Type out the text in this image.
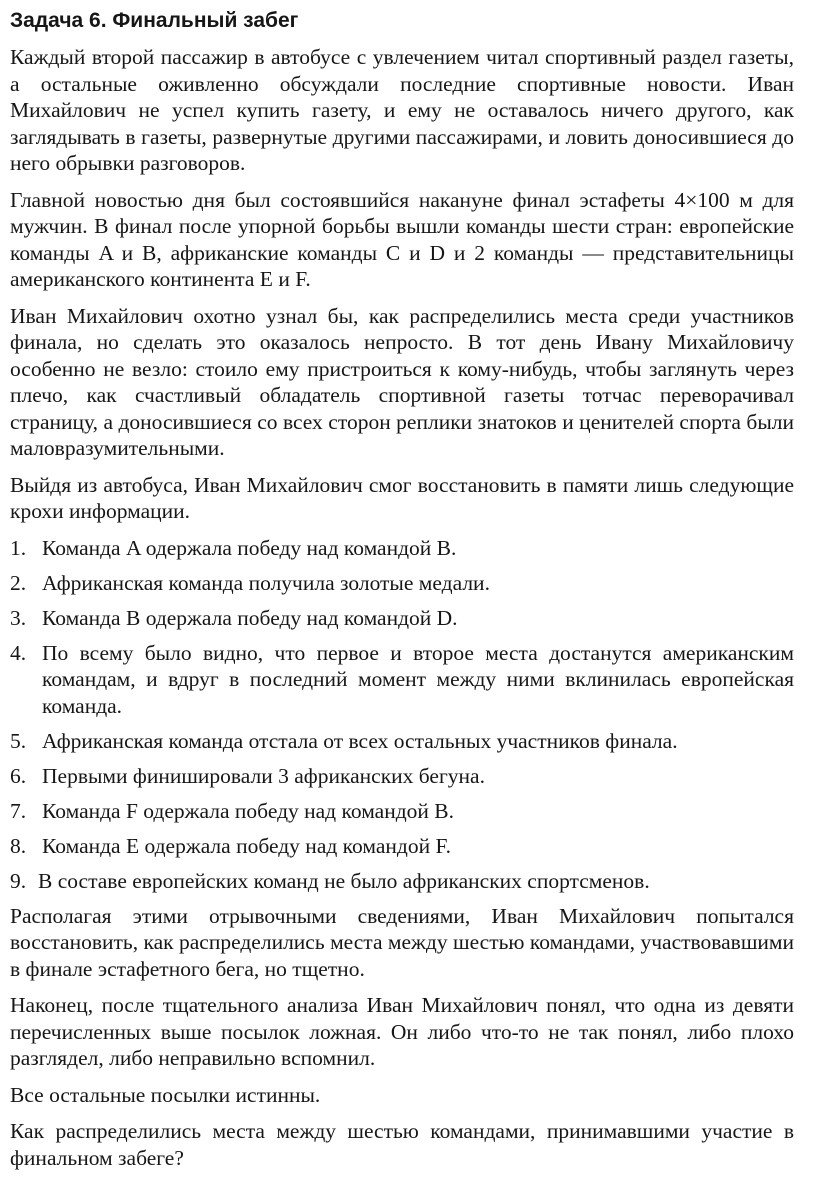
Задача 6. Финальный забег

Каждый второй пассажир в автобусе с увлечением читал спортивный раздел газеты, а остальные оживленно обсуждали последние спортивные новости. Иван Михайлович не успел купить газету, и ему не оставалось ничего другого, как заглядывать в газеты, развернутые другими пассажирами, и ловить доносившиеся до него обрывки разговоров.

Главной новостью дня был состоявшийся накануне финал эстафеты 4×100 м для мужчин. В финал после упорной борьбы вышли команды шести стран: европейские команды A и B, африканские команды C и D и 2 команды — представительницы американского континента E и F.

Иван Михайлович охотно узнал бы, как распределились места среди участников финала, но сделать это оказалось непросто. В тот день Ивану Михайловичу особенно не везло: стоило ему пристроиться к кому-нибудь, чтобы заглянуть через плечо, как счастливый обладатель спортивной газеты тотчас переворачивал страницу, а доносившиеся со всех сторон реплики знатоков и ценителей спорта были маловразумительными.

Выйдя из автобуса, Иван Михайлович смог восстановить в памяти лишь следующие крохи информации.

1. Команда A одержала победу над командой B.
2. Африканская команда получила золотые медали.
3. Команда B одержала победу над командой D.
4. По всему было видно, что первое и второе места достанутся американским командам, и вдруг в последний момент между ними вклинилась европейская команда.
5. Африканская команда отстала от всех остальных участников финала.
6. Первыми финишировали 3 африканских бегуна.
7. Команда F одержала победу над командой B.
8. Команда E одержала победу над командой F.
9. В составе европейских команд не было африканских спортсменов.

Располагая этими отрывочными сведениями, Иван Михайлович попытался восстановить, как распределились места между шестью командами, участвовавшими в финале эстафетного бега, но тщетно.

Наконец, после тщательного анализа Иван Михайлович понял, что одна из девяти перечисленных выше посылок ложная. Он либо что-то не так понял, либо плохо разглядел, либо неправильно вспомнил.

Все остальные посылки истинны.

Как распределились места между шестью командами, принимавшими участие в финальном забеге?
